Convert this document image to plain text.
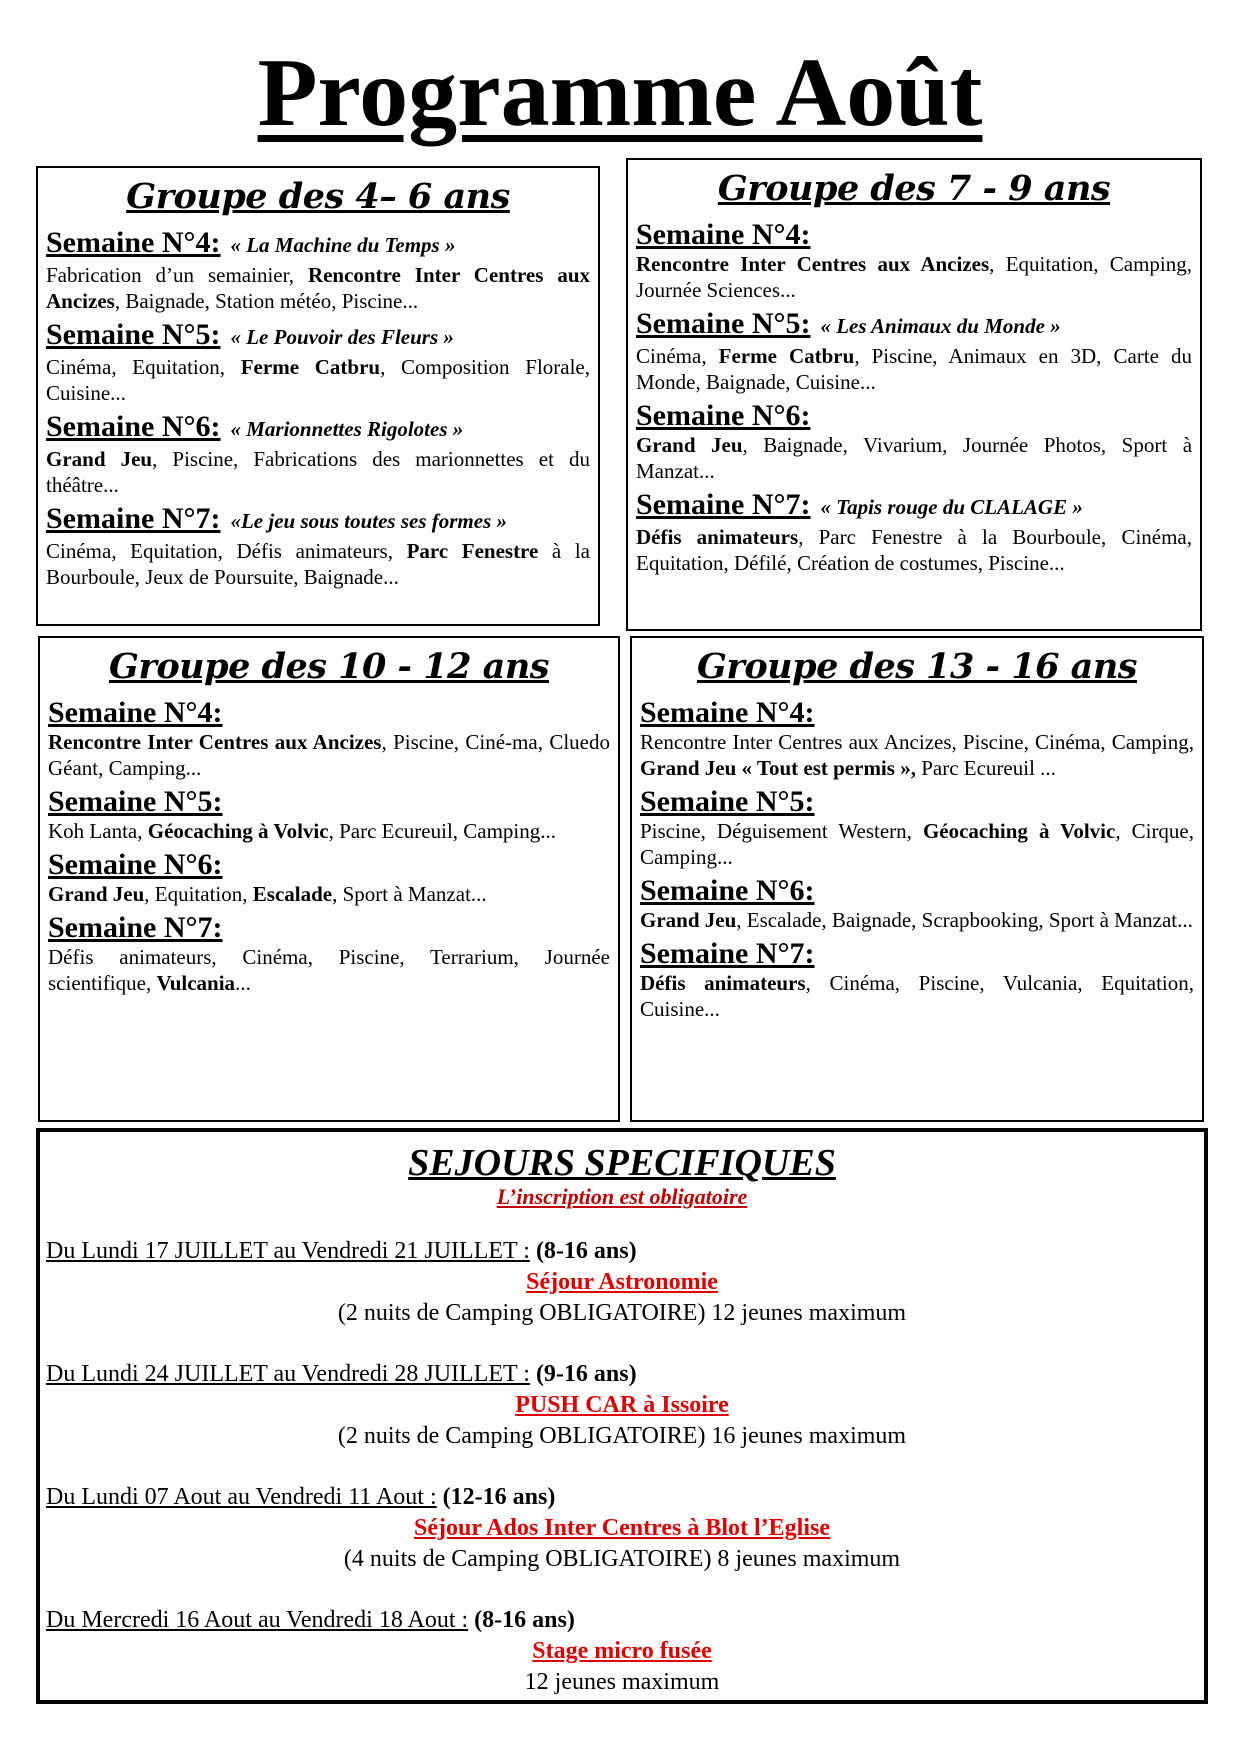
Programme Août
Groupe des 4– 6 ans
Semaine N°4: « La Machine du Temps »
Fabrication d’un semainier, Rencontre Inter Centres aux Ancizes, Baignade, Station météo, Piscine...
Semaine N°5: « Le Pouvoir des Fleurs »
Cinéma, Equitation, Ferme Catbru, Composition Florale, Cuisine...
Semaine N°6: « Marionnettes Rigolotes »
Grand Jeu, Piscine, Fabrications des marionnettes et du théâtre...
Semaine N°7: «Le jeu sous toutes ses formes »
Cinéma, Equitation, Défis animateurs, Parc Fenestre à la Bourboule, Jeux de Poursuite, Baignade...
Groupe des 7 - 9 ans
Semaine N°4:
Rencontre Inter Centres aux Ancizes, Equitation, Camping, Journée Sciences...
Semaine N°5: « Les Animaux du Monde »
Cinéma, Ferme Catbru, Piscine, Animaux en 3D, Carte du Monde, Baignade, Cuisine...
Semaine N°6:
Grand Jeu, Baignade, Vivarium, Journée Photos, Sport à Manzat...
Semaine N°7: « Tapis rouge du CLALAGE »
Défis animateurs, Parc Fenestre à la Bourboule, Cinéma, Equitation, Défilé, Création de costumes, Piscine...
Groupe des 10 - 12 ans
Semaine N°4:
Rencontre Inter Centres aux Ancizes, Piscine, Ciné-ma, Cluedo Géant, Camping...
Semaine N°5:
Koh Lanta, Géocaching à Volvic, Parc Ecureuil, Camping...
Semaine N°6:
Grand Jeu, Equitation, Escalade, Sport à Manzat...
Semaine N°7:
Défis animateurs, Cinéma, Piscine, Terrarium, Journée scientifique, Vulcania...
Groupe des 13 - 16 ans
Semaine N°4:
Rencontre Inter Centres aux Ancizes, Piscine, Cinéma, Camping, Grand Jeu « Tout est permis », Parc Ecureuil ...
Semaine N°5:
Piscine, Déguisement Western, Géocaching à Volvic, Cirque, Camping...
Semaine N°6:
Grand Jeu, Escalade, Baignade, Scrapbooking, Sport à Manzat...
Semaine N°7:
Défis animateurs, Cinéma, Piscine, Vulcania, Equitation, Cuisine...
SEJOURS SPECIFIQUES
L’inscription est obligatoire
Du Lundi 17 JUILLET au Vendredi 21 JUILLET : (8-16 ans)
Séjour Astronomie
(2 nuits de Camping OBLIGATOIRE) 12 jeunes maximum
Du Lundi 24 JUILLET au Vendredi 28 JUILLET : (9-16 ans)
PUSH CAR à Issoire
(2 nuits de Camping OBLIGATOIRE) 16 jeunes maximum
Du Lundi 07 Aout au Vendredi 11 Aout : (12-16 ans)
Séjour Ados Inter Centres à Blot l’Eglise
(4 nuits de Camping OBLIGATOIRE) 8 jeunes maximum
Du Mercredi 16 Aout au Vendredi 18 Aout : (8-16 ans)
Stage micro fusée
12 jeunes maximum
